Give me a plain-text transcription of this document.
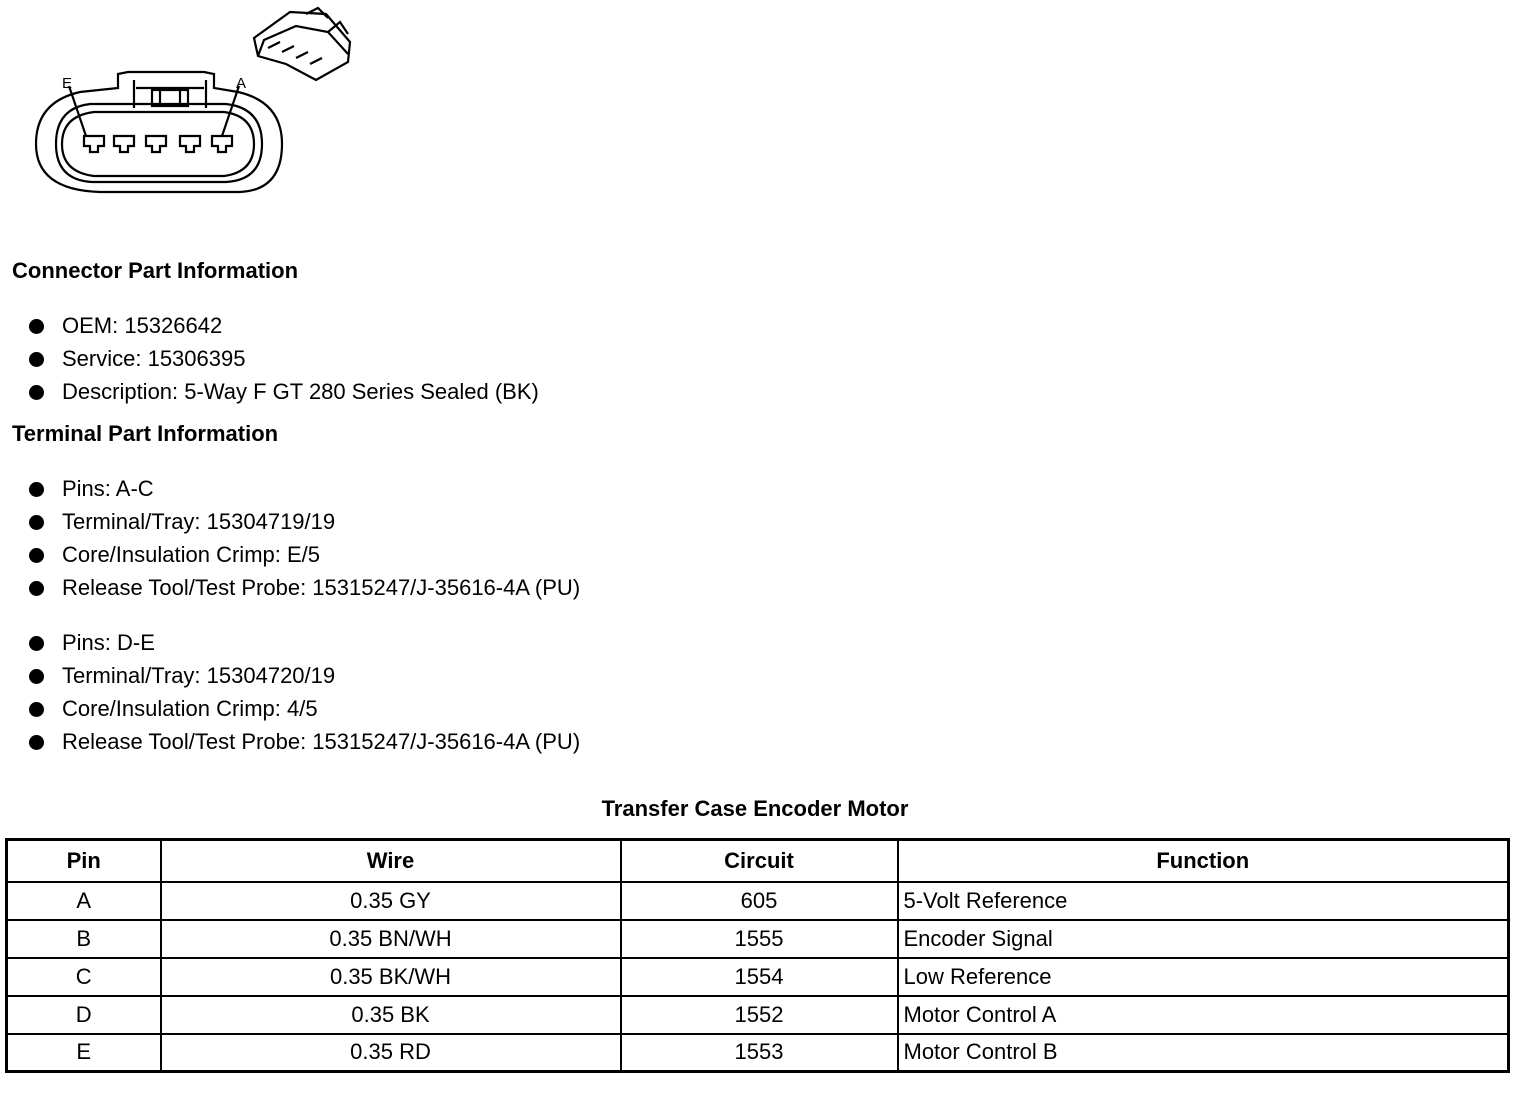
E	A
Connector Part Information
OEM: 15326642
Service: 15306395
Description: 5-Way F GT 280 Series Sealed (BK)
Terminal Part Information
Pins: A-C
Terminal/Tray: 15304719/19
Core/Insulation Crimp: E/5
Release Tool/Test Probe: 15315247/J-35616-4A (PU)
Pins: D-E
Terminal/Tray: 15304720/19
Core/Insulation Crimp: 4/5
Release Tool/Test Probe: 15315247/J-35616-4A (PU)
Transfer Case Encoder Motor
Pin	Wire	Circuit	Function
A	0.35 GY	605	5-Volt Reference
B	0.35 BN/WH	1555	Encoder Signal
C	0.35 BK/WH	1554	Low Reference
D	0.35 BK	1552	Motor Control A
E	0.35 RD	1553	Motor Control B
